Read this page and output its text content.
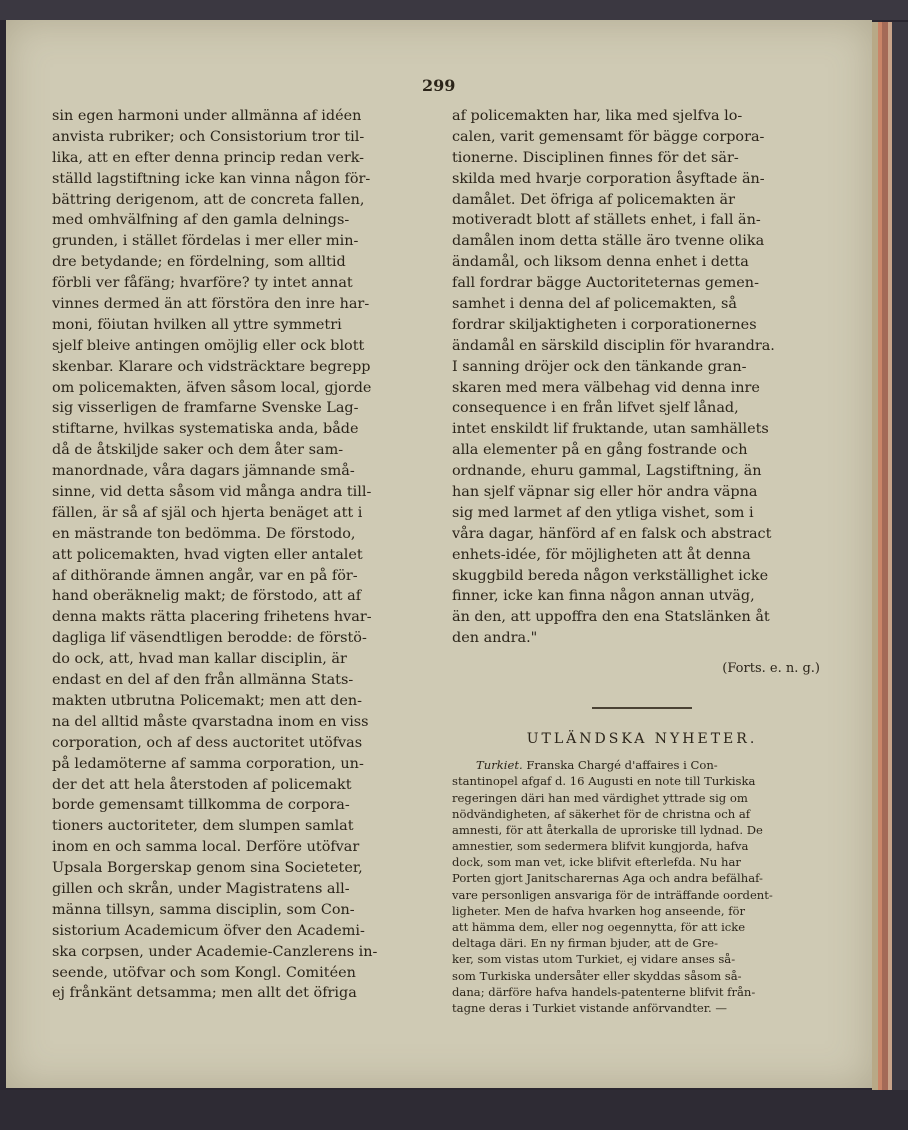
299
sin egen harmoni under allmänna af idéen
anvista rubriker; och Consistorium tror til-
lika, att en efter denna princip redan verk-
ställd lagstiftning icke kan vinna någon för-
bättring derigenom, att de concreta fallen,
med omhvälfning af den gamla delnings-
grunden, i stället fördelas i mer eller min-
dre betydande; en fördelning, som alltid
förbli ver fåfäng; hvarföre? ty intet annat
vinnes dermed än att förstöra den inre har-
moni, föiutan hvilken all yttre symmetri
sjelf bleive antingen omöjlig eller ock blott
skenbar. Klarare och vidsträcktare begrepp
om policemakten, äfven såsom local, gjorde
sig visserligen de framfarne Svenske Lag-
stiftarne, hvilkas systematiska anda, både
då de åtskiljde saker och dem åter sam-
manordnade, våra dagars jämnande små-
sinne, vid detta såsom vid många andra till-
fällen, är så af själ och hjerta benäget att i
en mästrande ton bedömma. De förstodo,
att policemakten, hvad vigten eller antalet
af dithörande ämnen angår, var en på för-
hand oberäknelig makt; de förstodo, att af
denna makts rätta placering frihetens hvar-
dagliga lif väsendtligen berodde: de förstö-
do ock, att, hvad man kallar disciplin, är
endast en del af den från allmänna Stats-
makten utbrutna Policemakt; men att den-
na del alltid måste qvarstadna inom en viss
corporation, och af dess auctoritet utöfvas
på ledamöterne af samma corporation, un-
der det att hela återstoden af policemakt
borde gemensamt tillkomma de corpora-
tioners auctoriteter, dem slumpen samlat
inom en och samma local. Derföre utöfvar
Upsala Borgerskap genom sina Societeter,
gillen och skrån, under Magistratens all-
männa tillsyn, samma disciplin, som Con-
sistorium Academicum öfver den Academi-
ska corpsen, under Academie-Canzlerens in-
seende, utöfvar och som Kongl. Comitéen
ej frånkänt detsamma; men allt det öfriga
af policemakten har, lika med sjelfva lo-
calen, varit gemensamt för bägge corpora-
tionerne. Disciplinen finnes för det sär-
skilda med hvarje corporation åsyftade än-
damålet. Det öfriga af policemakten är
motiveradt blott af ställets enhet, i fall än-
damålen inom detta ställe äro tvenne olika
ändamål, och liksom denna enhet i detta
fall fordrar bägge Auctoriteternas gemen-
samhet i denna del af policemakten, så
fordrar skiljaktigheten i corporationernes
ändamål en särskild disciplin för hvarandra.
I sanning dröjer ock den tänkande gran-
skaren med mera välbehag vid denna inre
consequence i en från lifvet sjelf lånad,
intet enskildt lif fruktande, utan samhällets
alla elementer på en gång fostrande och
ordnande, ehuru gammal, Lagstiftning, än
han sjelf väpnar sig eller hör andra väpna
sig med larmet af den ytliga vishet, som i
våra dagar, hänförd af en falsk och abstract
enhets-idée, för möjligheten att åt denna
skuggbild bereda någon verkställighet icke
finner, icke kan finna någon annan utväg,
än den, att uppoffra den ena Statslänken åt
den andra."
(Forts. e. n. g.)
UTLÄNDSKA NYHETER.
Turkiet. Franska Chargé d'affaires i Con-
stantinopel afgaf d. 16 Augusti en note till Turkiska
regeringen däri han med värdighet yttrade sig om
nödvändigheten, af säkerhet för de christna och af
amnesti, för att återkalla de uproriske till lydnad. De
amnestier, som sedermera blifvit kungjorda, hafva
dock, som man vet, icke blifvit efterlefda. Nu har
Porten gjort Janitscharernas Aga och andra befälhaf-
vare personligen ansvariga för de inträffande oordent-
ligheter. Men de hafva hvarken hog anseende, för
att hämma dem, eller nog oegennytta, för att icke
deltaga däri. En ny firman bjuder, att de Gre-
ker, som vistas utom Turkiet, ej vidare anses så-
som Turkiska undersåter eller skyddas såsom så-
dana; därföre hafva handels-patenterne blifvit från-
tagne deras i Turkiet vistande anförvandter. —
